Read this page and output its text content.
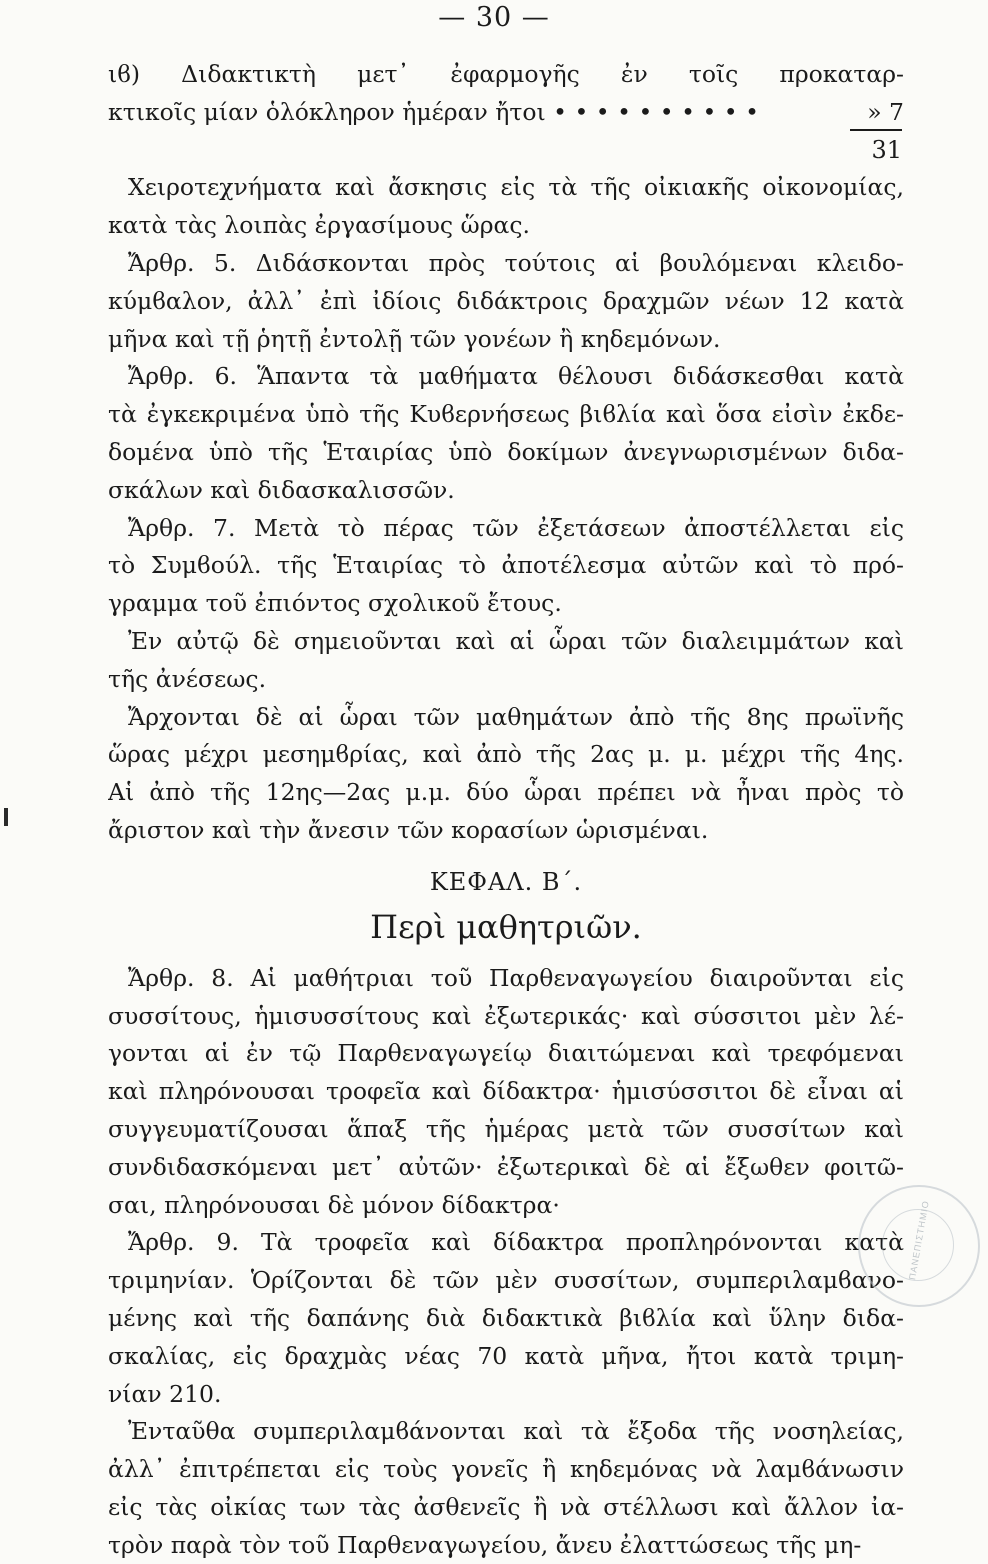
— 30 —
ιϐ) Διδακτικτὴ μετ᾽ ἐφαρμογῆς ἐν τοῖς προκαταρ-
κτικοῖς μίαν ὁλόκληρον ἡμέραν ἤτοι • • • • • • • • • •	» 7
31
Χειροτεχνήματα καὶ ἄσκησις εἰς τὰ τῆς οἰκιακῆς οἰκονομίας,
κατὰ τὰς λοιπὰς ἐργασίμους ὥρας.
Ἄρθρ. 5. Διδάσκονται πρὸς τούτοις αἱ βουλόμεναι κλειδο-
κύμϐαλον, ἀλλ᾽ ἐπὶ ἰδίοις διδάκτροις δραχμῶν νέων 12 κατὰ
μῆνα καὶ τῇ ῥητῇ ἐντολῇ τῶν γονέων ἢ κηδεμόνων.
Ἄρθρ. 6. Ἅπαντα τὰ μαθήματα θέλουσι διδάσκεσθαι κατὰ
τὰ ἐγκεκριμένα ὑπὸ τῆς Κυϐερνήσεως βιϐλία καὶ ὅσα εἰσὶν ἐκδε-
δομένα ὑπὸ τῆς Ἑταιρίας ὑπὸ δοκίμων ἀνεγνωρισμένων διδα-
σκάλων καὶ διδασκαλισσῶν.
Ἄρθρ. 7. Μετὰ τὸ πέρας τῶν ἐξετάσεων ἀποστέλλεται εἰς
τὸ Συμϐούλ. τῆς Ἑταιρίας τὸ ἀποτέλεσμα αὐτῶν καὶ τὸ πρό-
γραμμα τοῦ ἐπιόντος σχολικοῦ ἔτους.
Ἐν αὐτῷ δὲ σημειοῦνται καὶ αἱ ὧραι τῶν διαλειμμάτων καὶ
τῆς ἀνέσεως.
Ἄρχονται δὲ αἱ ὧραι τῶν μαθημάτων ἀπὸ τῆς 8ης πρωϊνῆς
ὥρας μέχρι μεσημϐρίας, καὶ ἀπὸ τῆς 2ας μ. μ. μέχρι τῆς 4ης.
Αἱ ἀπὸ τῆς 12ης—2ας μ.μ. δύο ὧραι πρέπει νὰ ἦναι πρὸς τὸ
ἄριστον καὶ τὴν ἄνεσιν τῶν κορασίων ὡρισμέναι.
ΚΕΦΑΛ. Β΄.
Περὶ μαθητριῶν.
Ἄρθρ. 8. Αἱ μαθήτριαι τοῦ Παρθεναγωγείου διαιροῦνται εἰς
συσσίτους, ἡμισυσσίτους καὶ ἐξωτερικάς· καὶ σύσσιτοι μὲν λέ-
γονται αἱ ἐν τῷ Παρθεναγωγείῳ διαιτώμεναι καὶ τρεφόμεναι
καὶ πληρόνουσαι τροφεῖα καὶ δίδακτρα· ἡμισύσσιτοι δὲ εἶναι αἱ
συγγευματίζουσαι ἅπαξ τῆς ἡμέρας μετὰ τῶν συσσίτων καὶ
συνδιδασκόμεναι μετ᾽ αὐτῶν· ἐξωτερικαὶ δὲ αἱ ἔξωθεν φοιτῶ-
σαι, πληρόνουσαι δὲ μόνον δίδακτρα·
Ἄρθρ. 9. Τὰ τροφεῖα καὶ δίδακτρα προπληρόνονται κατὰ
τριμηνίαν. Ὁρίζονται δὲ τῶν μὲν συσσίτων, συμπεριλαμϐανο-
μένης καὶ τῆς δαπάνης διὰ διδακτικὰ βιϐλία καὶ ὕλην διδα-
σκαλίας, εἰς δραχμὰς νέας 70 κατὰ μῆνα, ἤτοι κατὰ τριμη-
νίαν 210.
Ἐνταῦθα συμπεριλαμϐάνονται καὶ τὰ ἔξοδα τῆς νοσηλείας,
ἀλλ᾽ ἐπιτρέπεται εἰς τοὺς γονεῖς ἢ κηδεμόνας νὰ λαμϐάνωσιν
εἰς τὰς οἰκίας των τὰς ἀσθενεῖς ἢ νὰ στέλλωσι καὶ ἄλλον ἰα-
τρὸν παρὰ τὸν τοῦ Παρθεναγωγείου, ἄνευ ἐλαττώσεως τῆς μη-
ΠΑΝΕΠΙΣΤΗΜΙΟ
